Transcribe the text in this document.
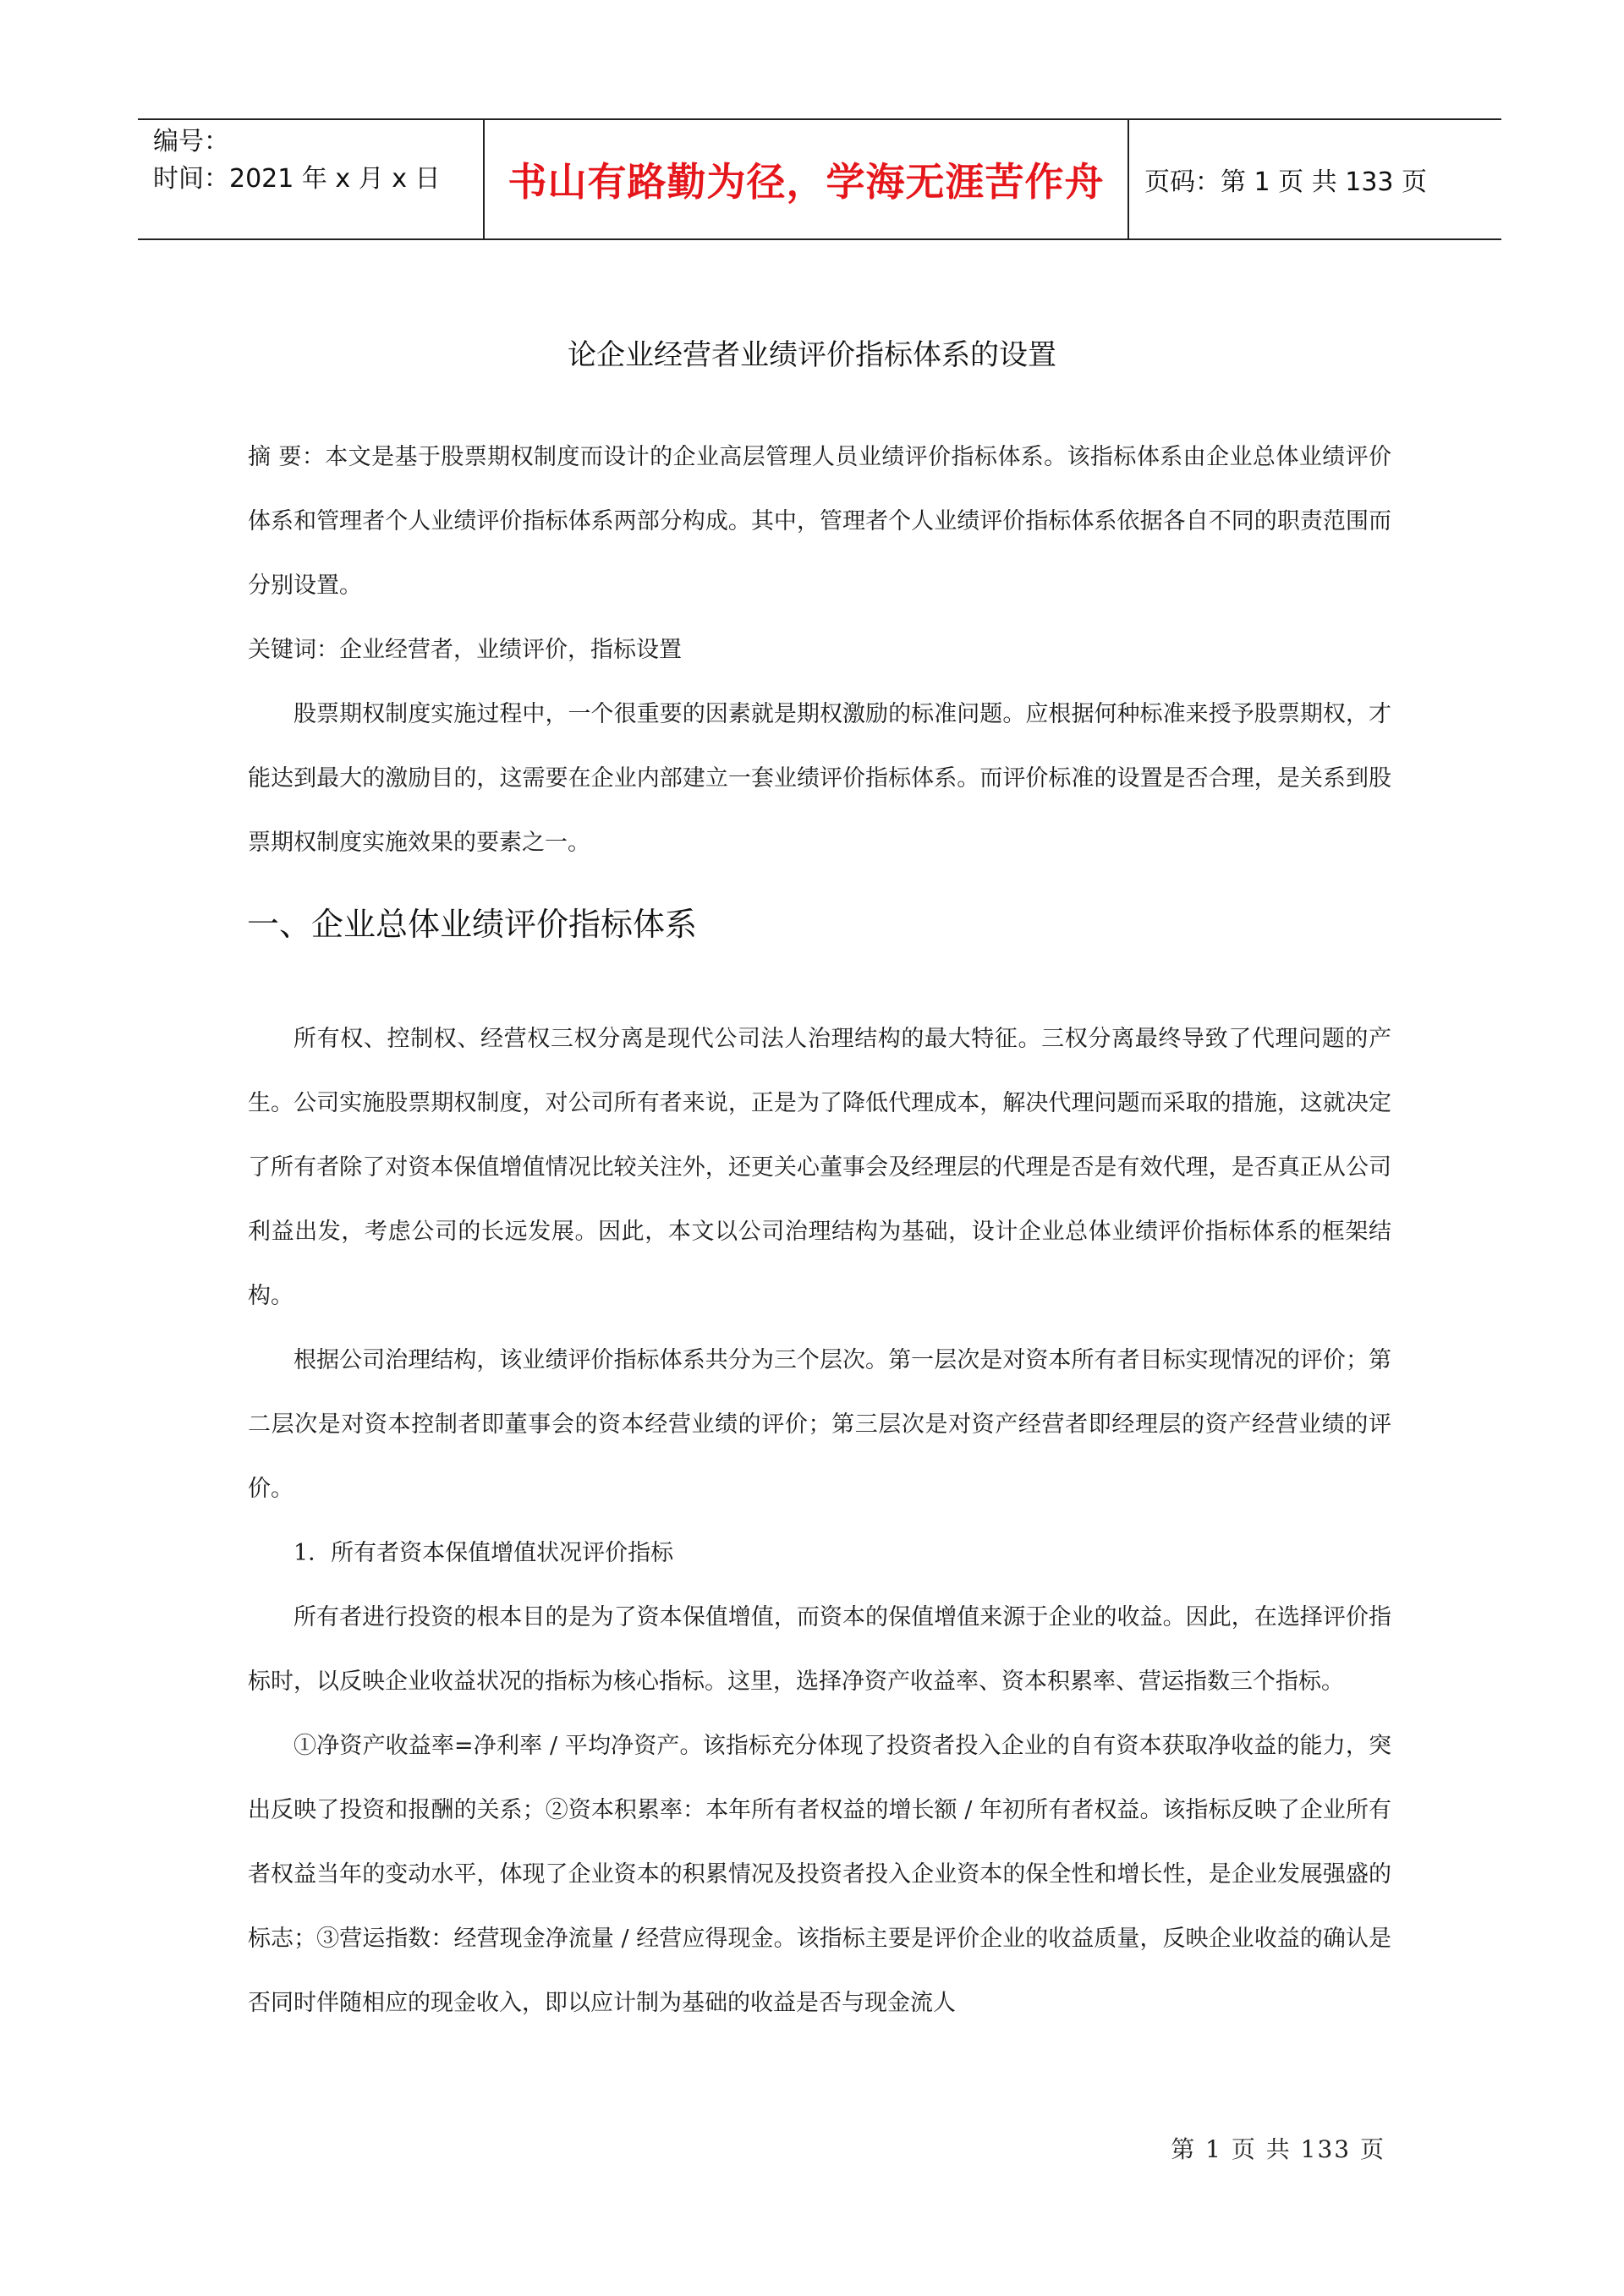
编号：
时间：2021 年 x 月 x 日	书山有路勤为径，学海无涯苦作舟	页码：第 1 页 共 133 页
论企业经营者业绩评价指标体系的设置

摘 要：本文是基于股票期权制度而设计的企业高层管理人员业绩评价指标体系。该指标体系由企业总体业绩评价体系和管理者个人业绩评价指标体系两部分构成。其中，管理者个人业绩评价指标体系依据各自不同的职责范围而分别设置。

关键词：企业经营者，业绩评价，指标设置

股票期权制度实施过程中，一个很重要的因素就是期权激励的标准问题。应根据何种标准来授予股票期权，才能达到最大的激励目的，这需要在企业内部建立一套业绩评价指标体系。而评价标准的设置是否合理，是关系到股票期权制度实施效果的要素之一。

一、企业总体业绩评价指标体系

所有权、控制权、经营权三权分离是现代公司法人治理结构的最大特征。三权分离最终导致了代理问题的产生。公司实施股票期权制度，对公司所有者来说，正是为了降低代理成本，解决代理问题而采取的措施，这就决定了所有者除了对资本保值增值情况比较关注外，还更关心董事会及经理层的代理是否是有效代理，是否真正从公司利益出发，考虑公司的长远发展。因此，本文以公司治理结构为基础，设计企业总体业绩评价指标体系的框架结构。

根据公司治理结构，该业绩评价指标体系共分为三个层次。第一层次是对资本所有者目标实现情况的评价；第二层次是对资本控制者即董事会的资本经营业绩的评价；第三层次是对资产经营者即经理层的资产经营业绩的评价。

1．所有者资本保值增值状况评价指标

所有者进行投资的根本目的是为了资本保值增值，而资本的保值增值来源于企业的收益。因此，在选择评价指标时，以反映企业收益状况的指标为核心指标。这里，选择净资产收益率、资本积累率、营运指数三个指标。

①净资产收益率=净利率 / 平均净资产。该指标充分体现了投资者投入企业的自有资本获取净收益的能力，突出反映了投资和报酬的关系；②资本积累率：本年所有者权益的增长额 / 年初所有者权益。该指标反映了企业所有者权益当年的变动水平，体现了企业资本的积累情况及投资者投入企业资本的保全性和增长性，是企业发展强盛的标志；③营运指数：经营现金净流量 / 经营应得现金。该指标主要是评价企业的收益质量，反映企业收益的确认是否同时伴随相应的现金收入，即以应计制为基础的收益是否与现金流人

第 1 页 共 133 页
